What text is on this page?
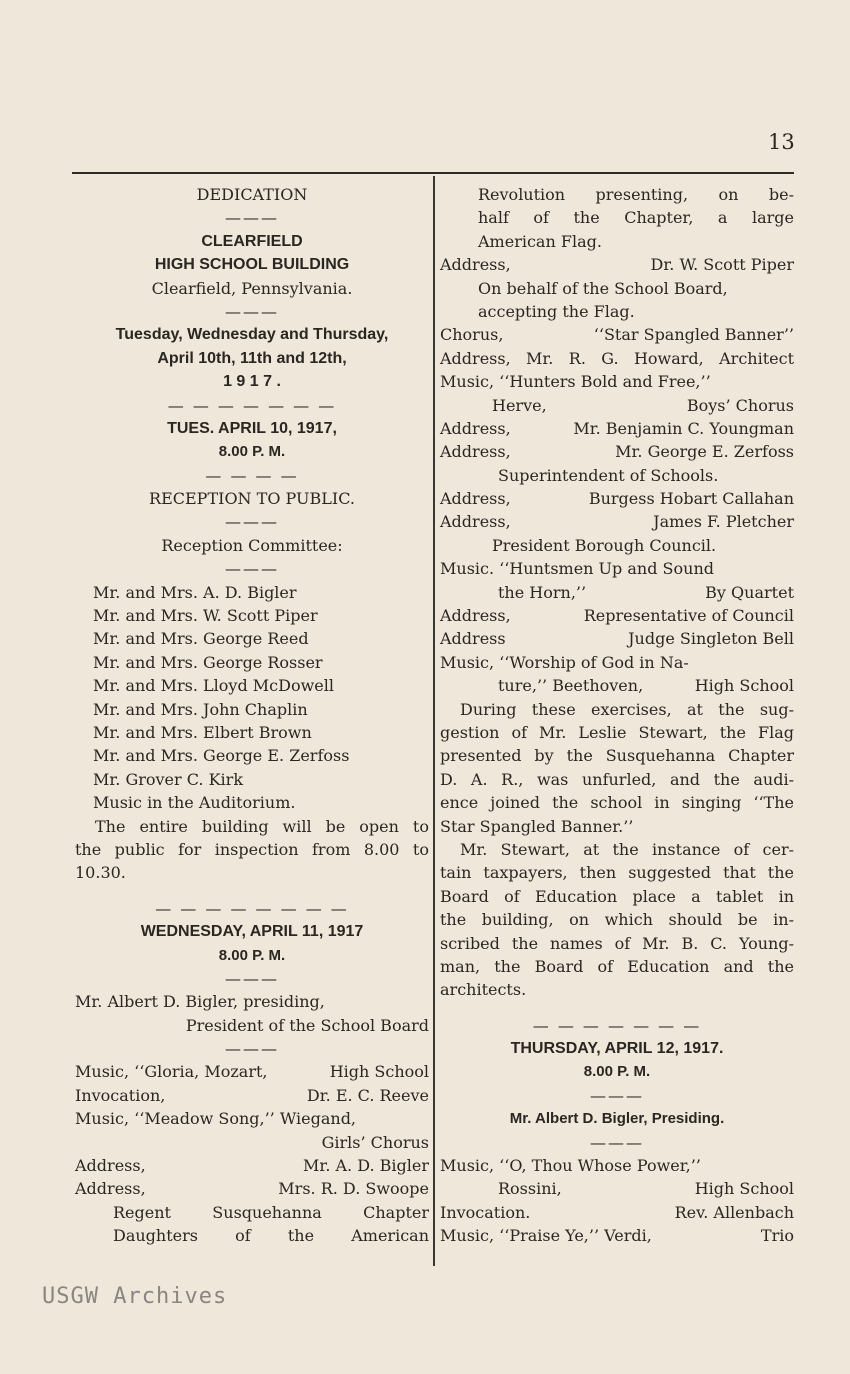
13
DEDICATION
———
CLEARFIELD
HIGH SCHOOL BUILDING
Clearfield, Pennsylvania.
———
Tuesday, Wednesday and Thursday,
April 10th, 11th and 12th,
1 9 1 7 .
— — — — — — —
TUES. APRIL 10, 1917,
8.00 P. M.
— — — —
RECEPTION TO PUBLIC.
———
Reception Committee:
———
Mr. and Mrs. A. D. Bigler
Mr. and Mrs. W. Scott Piper
Mr. and Mrs. George Reed
Mr. and Mrs. George Rosser
Mr. and Mrs. Lloyd McDowell
Mr. and Mrs. John Chaplin
Mr. and Mrs. Elbert Brown
Mr. and Mrs. George E. Zerfoss
Mr. Grover C. Kirk
Music in the Auditorium.
The entire building will be open to
the public for inspection from 8.00 to
10.30.
— — — — — — — —
WEDNESDAY, APRIL 11, 1917
8.00 P. M.
———
Mr. Albert D. Bigler, presiding,
President of the School Board
———
Music, ‘‘Gloria, Mozart,	High School
Invocation,	Dr. E. C. Reeve
Music, ‘‘Meadow Song,’’ Wiegand,
Girls’ Chorus
Address,	Mr. A. D. Bigler
Address,	Mrs. R. D. Swoope
Regent Susquehanna Chapter
Daughters of the American
Revolution presenting, on be-
half of the Chapter, a large
American Flag.
Address,	Dr. W. Scott Piper
On behalf of the School Board,
accepting the Flag.
Chorus,	‘‘Star Spangled Banner’’
Address, Mr. R. G. Howard, Architect
Music, ‘‘Hunters Bold and Free,’’
Herve,	Boys’ Chorus
Address,	Mr. Benjamin C. Youngman
Address,	Mr. George E. Zerfoss
Superintendent of Schools.
Address,	Burgess Hobart Callahan
Address,	James F. Pletcher
President Borough Council.
Music. ‘‘Huntsmen Up and Sound
the Horn,’’	By Quartet
Address,	Representative of Council
Address	Judge Singleton Bell
Music, ‘‘Worship of God in Na-
ture,’’ Beethoven,	High School
During these exercises, at the sug-
gestion of Mr. Leslie Stewart, the Flag
presented by the Susquehanna Chapter
D. A. R., was unfurled, and the audi-
ence joined the school in singing ‘‘The
Star Spangled Banner.’’
Mr. Stewart, at the instance of cer-
tain taxpayers, then suggested that the
Board of Education place a tablet in
the building, on which should be in-
scribed the names of Mr. B. C. Young-
man, the Board of Education and the
architects.
— — — — — — —
THURSDAY, APRIL 12, 1917.
8.00 P. M.
———
Mr. Albert D. Bigler, Presiding.
———
Music, ‘‘O, Thou Whose Power,’’
Rossini,	High School
Invocation.	Rev. Allenbach
Music, ‘‘Praise Ye,’’ Verdi,	Trio
USGW Archives
